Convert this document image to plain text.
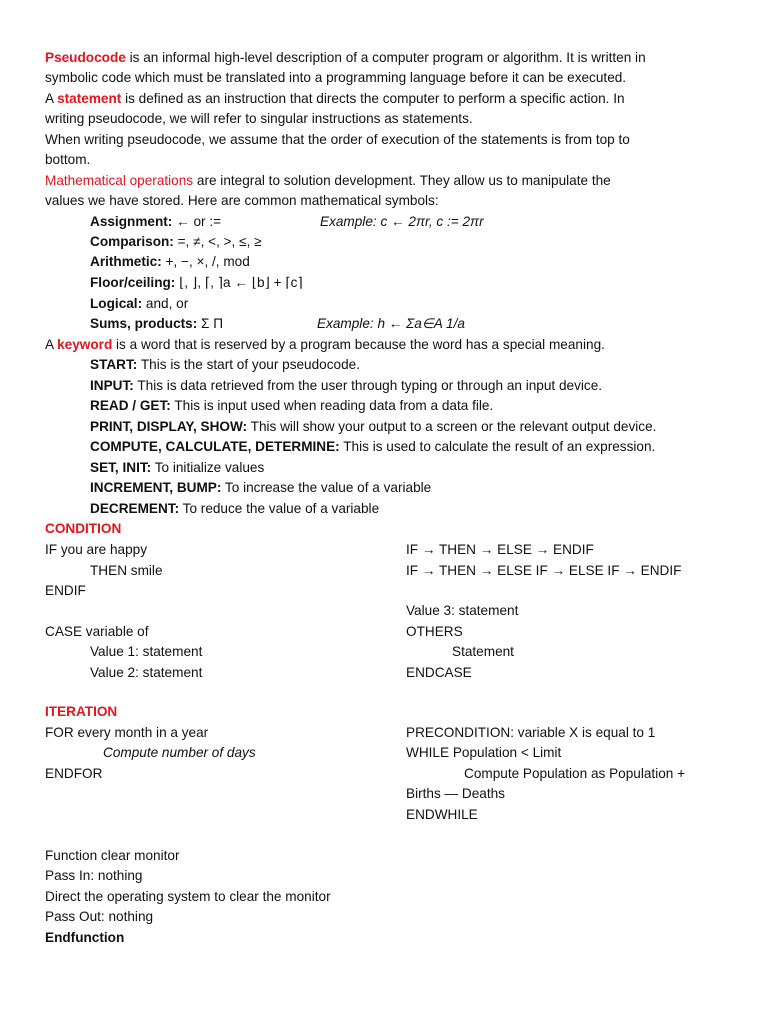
Pseudocode is an informal high-level description of a computer program or algorithm. It is written in
symbolic code which must be translated into a programming language before it can be executed.
A statement is defined as an instruction that directs the computer to perform a specific action. In
writing pseudocode, we will refer to singular instructions as statements.
When writing pseudocode, we assume that the order of execution of the statements is from top to
bottom.
Mathematical operations are integral to solution development. They allow us to manipulate the
values we have stored. Here are common mathematical symbols:
Assignment: ← or :=	Example: c ← 2πr, c := 2πr
Comparison: =, ≠, <, >, ≤, ≥
Arithmetic: +, −, ×, /, mod
Floor/ceiling: ⌊, ⌋, ⌈, ⌉a ← ⌊b⌋ + ⌈c⌉
Logical: and, or
Sums, products: Σ Π	Example: h ← Σa∈A 1/a
A keyword is a word that is reserved by a program because the word has a special meaning.
START: This is the start of your pseudocode.
INPUT: This is data retrieved from the user through typing or through an input device.
READ / GET: This is input used when reading data from a data file.
PRINT, DISPLAY, SHOW: This will show your output to a screen or the relevant output device.
COMPUTE, CALCULATE, DETERMINE: This is used to calculate the result of an expression.
SET, INIT: To initialize values
INCREMENT, BUMP: To increase the value of a variable
DECREMENT: To reduce the value of a variable
CONDITION
IF you are happy
THEN smile
ENDIF
CASE variable of
Value 1: statement
Value 2: statement
IF → THEN → ELSE → ENDIF
IF → THEN → ELSE IF → ELSE IF → ENDIF
Value 3: statement
OTHERS
Statement
ENDCASE
ITERATION
FOR every month in a year
Compute number of days
ENDFOR
PRECONDITION: variable X is equal to 1
WHILE Population < Limit
Compute Population as Population +
Births — Deaths
ENDWHILE
Function clear monitor
Pass In: nothing
Direct the operating system to clear the monitor
Pass Out: nothing
Endfunction
